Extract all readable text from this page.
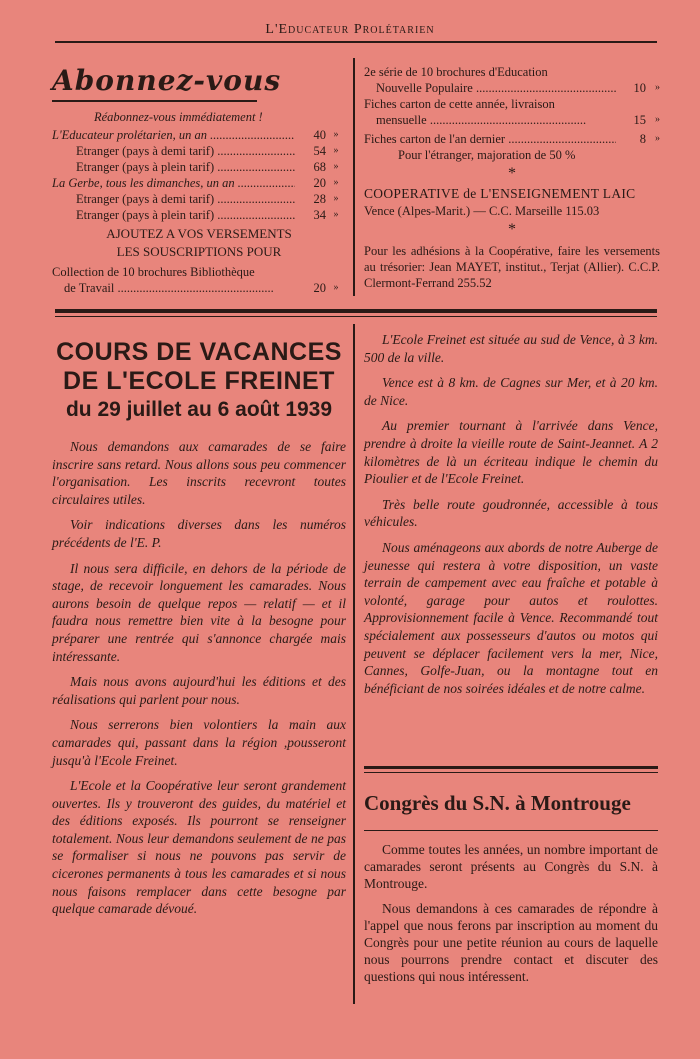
L'Educateur Prolétarien
Abonnez-vous
Réabonnez-vous immédiatement !
L'Educateur prolétarien, un an .....	40 »
Etranger (pays à demi tarif) .....	54 »
Etranger (pays à plein tarif) .....	68 »
La Gerbe, tous les dimanches, un an .....	20 »
Etranger (pays à demi tarif) .....	28 »
Etranger (pays à plein tarif) .....	34 »
AJOUTEZ A VOS VERSEMENTS
LES SOUSCRIPTIONS POUR
Collection de 10 brochures Bibliothèque
de Travail .....	20 »
2e série de 10 brochures d'Education
Nouvelle Populaire .....	10 »
Fiches carton de cette année, livraison
mensuelle .....	15 »
Fiches carton de l'an dernier .....	8 »
Pour l'étranger, majoration de 50 %
*
COOPERATIVE de L'ENSEIGNEMENT LAIC
Vence (Alpes-Marit.) — C.C. Marseille 115.03
*
Pour les adhésions à la Coopérative, faire les versements au trésorier: Jean MAYET, institut., Terjat (Allier). C.C.P. Clermont-Ferrand 255.52
COURS DE VACANCES
DE L'ECOLE FREINET
du 29 juillet au 6 août 1939

Nous demandons aux camarades de se faire inscrire sans retard. Nous allons sous peu commencer l'organisation. Les inscrits recevront toutes circulaires utiles.

Voir indications diverses dans les numéros précédents de l'E. P.

Il nous sera difficile, en dehors de la période de stage, de recevoir longuement les camarades. Nous aurons besoin de quelque repos — relatif — et il faudra nous remettre bien vite à la besogne pour préparer une rentrée qui s'annonce chargée mais intéressante.

Mais nous avons aujourd'hui les éditions et des réalisations qui parlent pour nous.

Nous serrerons bien volontiers la main aux camarades qui, passant dans la région ,pousseront jusqu'à l'Ecole Freinet.

L'Ecole et la Coopérative leur seront grandement ouvertes. Ils y trouveront des guides, du matériel et des éditions exposés. Ils pourront se renseigner totalement. Nous leur demandons seulement de ne pas se formaliser si nous ne pouvons pas servir de cicerones permanents à tous les camarades et si nous nous faisons remplacer dans cette besogne par quelque camarade dévoué.

L'Ecole Freinet est située au sud de Vence, à 3 km. 500 de la ville.

Vence est à 8 km. de Cagnes sur Mer, et à 20 km. de Nice.

Au premier tournant à l'arrivée dans Vence, prendre à droite la vieille route de Saint-Jeannet. A 2 kilomètres de là un écriteau indique le chemin du Pioulier et de l'Ecole Freinet.

Très belle route goudronnée, accessible à tous véhicules.

Nous aménageons aux abords de notre Auberge de jeunesse qui restera à votre disposition, un vaste terrain de campement avec eau fraîche et potable à volonté, garage pour autos et roulottes. Approvisionnement facile à Vence. Recommandé tout spécialement aux possesseurs d'autos ou motos qui peuvent se déplacer facilement vers la mer, Nice, Cannes, Golfe-Juan, ou la montagne tout en bénéficiant de nos soirées idéales et de notre calme.

Congrès du S.N. à Montrouge

Comme toutes les années, un nombre important de camarades seront présents au Congrès du S.N. à Montrouge.

Nous demandons à ces camarades de répondre à l'appel que nous ferons par inscription au moment du Congrès pour une petite réunion au cours de laquelle nous pourrons prendre contact et discuter des questions qui nous intéressent.
